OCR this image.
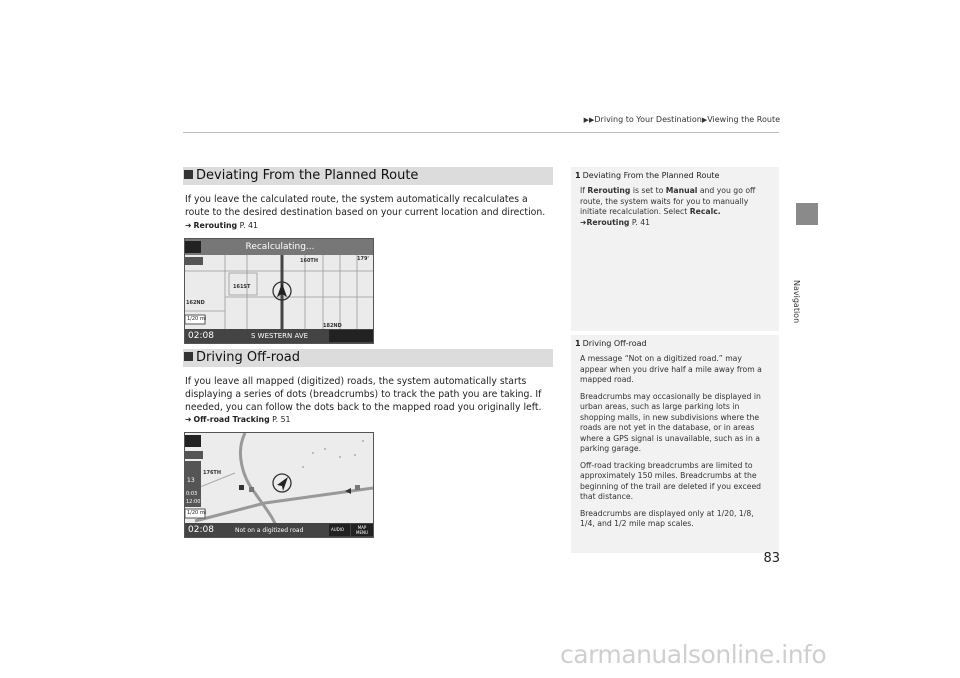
▶▶Driving to Your Destination▶Viewing the Route
Navigation
Deviating From the Planned Route
If you leave the calculated route, the system automatically recalculates a route to the desired destination based on your current location and direction.
➜ Rerouting P. 41
Recalculating...
160TH	179'
161ST
162ND
182ND
1/20 mi
02:08	S WESTERN AVE
Driving Off-road
If you leave all mapped (digitized) roads, the system automatically starts displaying a series of dots (breadcrumbs) to track the path you are taking. If needed, you can follow the dots back to the mapped road you originally left.
➜ Off-road Tracking P. 51
176TH
13
0:03
12:00
1/20 mi
02:08	Not on a digitized road	AUDIO	MAP MENU
1 Deviating From the Planned Route
If Rerouting is set to Manual and you go off route, the system waits for you to manually initiate recalculation. Select Recalc.
➜Rerouting P. 41
1 Driving Off-road

A message “Not on a digitized road.” may appear when you drive half a mile away from a mapped road.

Breadcrumbs may occasionally be displayed in urban areas, such as large parking lots in shopping malls, in new subdivisions where the roads are not yet in the database, or in areas where a GPS signal is unavailable, such as in a parking garage.

Off-road tracking breadcrumbs are limited to approximately 150 miles. Breadcrumbs at the beginning of the trail are deleted if you exceed that distance.

Breadcrumbs are displayed only at 1/20, 1/8, 1/4, and 1/2 mile map scales.

83
carmanualsonline.info
